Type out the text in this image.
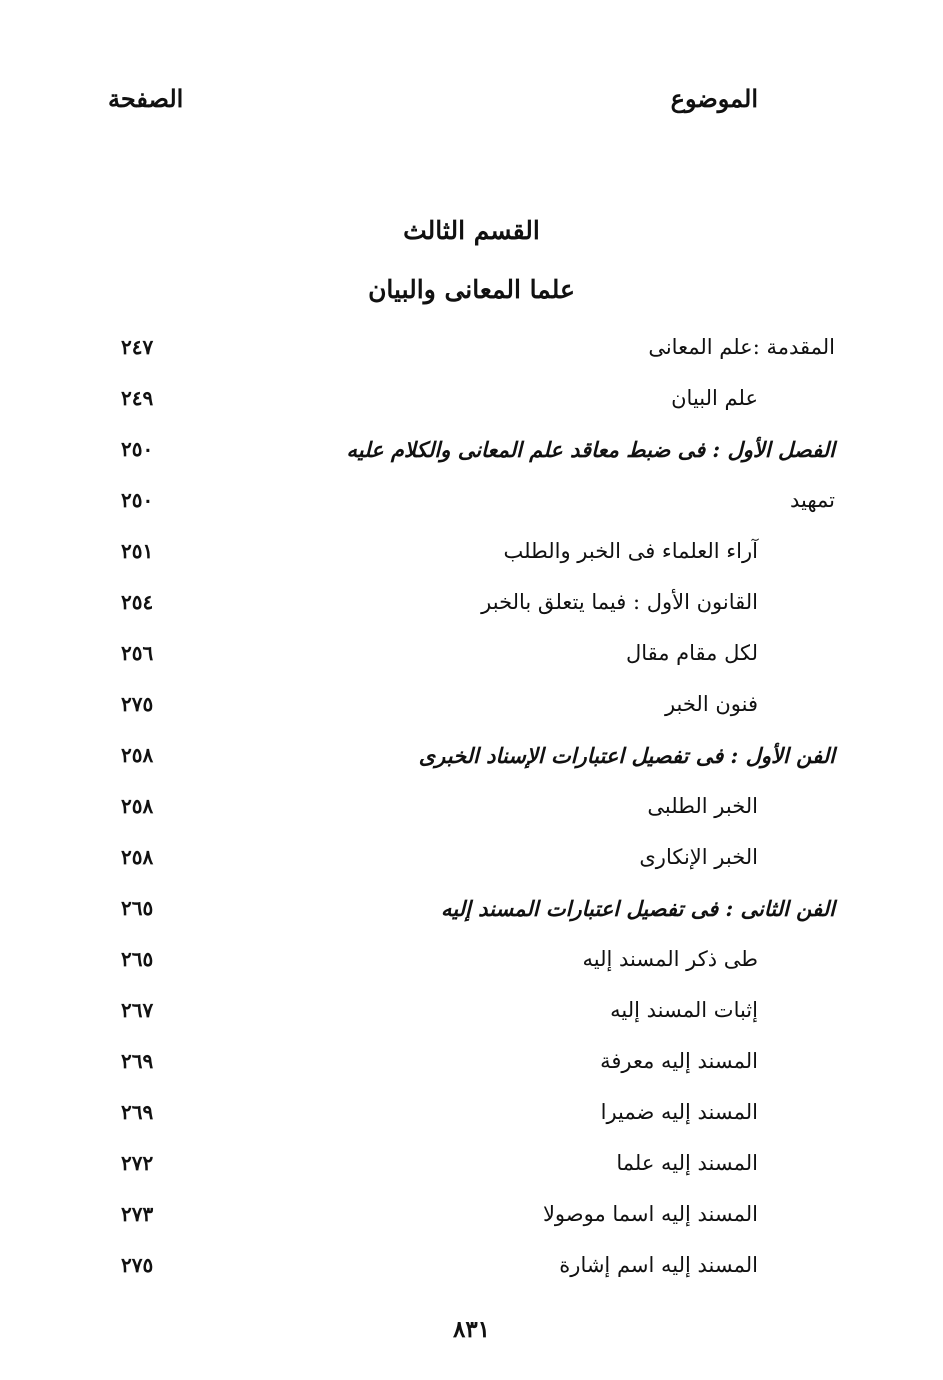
الموضوع
الصفحة
القسم الثالث
علما المعانى والبيان
المقدمة :علم المعانى
٢٤٧
علم البيان
٢٤٩
الفصل الأول : فى ضبط معاقد علم المعانى والكلام عليه
٢٥٠
تمهيد
٢٥٠
آراء العلماء فى الخبر والطلب
٢٥١
القانون الأول : فيما يتعلق بالخبر
٢٥٤
لكل مقام مقال
٢٥٦
فنون الخبر
٢٧٥
الفن الأول : فى تفصيل اعتبارات الإسناد الخبرى
٢٥٨
الخبر الطلبى
٢٥٨
الخبر الإنكارى
٢٥٨
الفن الثانى : فى تفصيل اعتبارات المسند إليه
٢٦٥
طى ذكر المسند إليه
٢٦٥
إثبات المسند إليه
٢٦٧
المسند إليه معرفة
٢٦٩
المسند إليه ضميرا
٢٦٩
المسند إليه علما
٢٧٢
المسند إليه اسما موصولا
٢٧٣
المسند إليه اسم إشارة
٢٧٥
٨٣١
